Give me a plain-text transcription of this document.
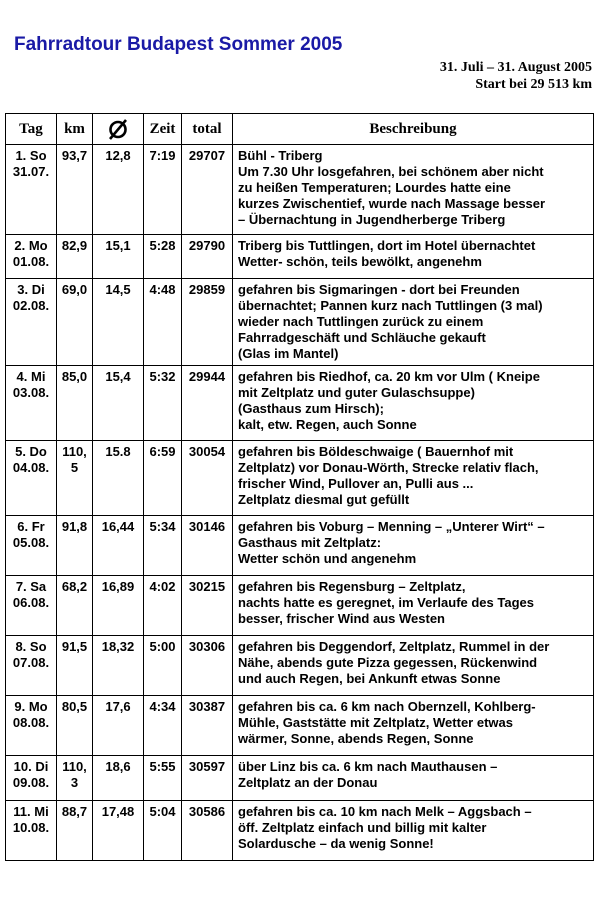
Fahrradtour Budapest Sommer 2005
31. Juli – 31. August 2005
Start bei 29 513 km
Tag	km		Zeit	total	Beschreibung

1. So
31.07.	93,7	12,8	7:19	29707	Bühl - Triberg
Um 7.30 Uhr losgefahren, bei schönem aber nicht
zu heißen Temperaturen; Lourdes hatte eine
kurzes Zwischentief, wurde nach Massage besser
– Übernachtung in Jugendherberge Triberg

2. Mo
01.08.	82,9	15,1	5:28	29790	Triberg bis Tuttlingen, dort im Hotel übernachtet
Wetter- schön, teils bewölkt, angenehm

3. Di
02.08.	69,0	14,5	4:48	29859	gefahren bis Sigmaringen - dort bei Freunden
übernachtet; Pannen kurz nach Tuttlingen (3 mal)
wieder nach Tuttlingen zurück zu einem
Fahrradgeschäft und Schläuche gekauft
(Glas im Mantel)

4. Mi
03.08.	85,0	15,4	5:32	29944	gefahren bis Riedhof, ca. 20 km vor Ulm ( Kneipe
mit Zeltplatz und guter Gulaschsuppe)
(Gasthaus zum Hirsch);
kalt, etw. Regen, auch Sonne

5. Do
04.08.	110,
5	15.8	6:59	30054	gefahren bis Böldeschwaige ( Bauernhof mit
Zeltplatz) vor Donau-Wörth, Strecke relativ flach,
frischer Wind, Pullover an, Pulli aus ...
Zeltplatz diesmal gut gefüllt

6. Fr
05.08.	91,8	16,44	5:34	30146	gefahren bis Voburg – Menning – „Unterer Wirt“ –
Gasthaus mit Zeltplatz:
Wetter schön und angenehm

7. Sa
06.08.	68,2	16,89	4:02	30215	gefahren bis Regensburg – Zeltplatz,
nachts hatte es geregnet, im Verlaufe des Tages
besser, frischer Wind aus Westen

8. So
07.08.	91,5	18,32	5:00	30306	gefahren bis Deggendorf, Zeltplatz, Rummel in der
Nähe, abends gute Pizza gegessen, Rückenwind
und auch Regen, bei Ankunft etwas Sonne

9. Mo
08.08.	80,5	17,6	4:34	30387	gefahren bis ca. 6 km nach Obernzell, Kohlberg-
Mühle, Gaststätte mit Zeltplatz, Wetter etwas
wärmer, Sonne, abends Regen, Sonne

10. Di
09.08.	110,
3	18,6	5:55	30597	über Linz bis ca. 6 km nach Mauthausen –
Zeltplatz an der Donau

11. Mi
10.08.	88,7	17,48	5:04	30586	gefahren bis ca. 10 km nach Melk – Aggsbach –
öff. Zeltplatz einfach und billig mit kalter
Solardusche – da wenig Sonne!
